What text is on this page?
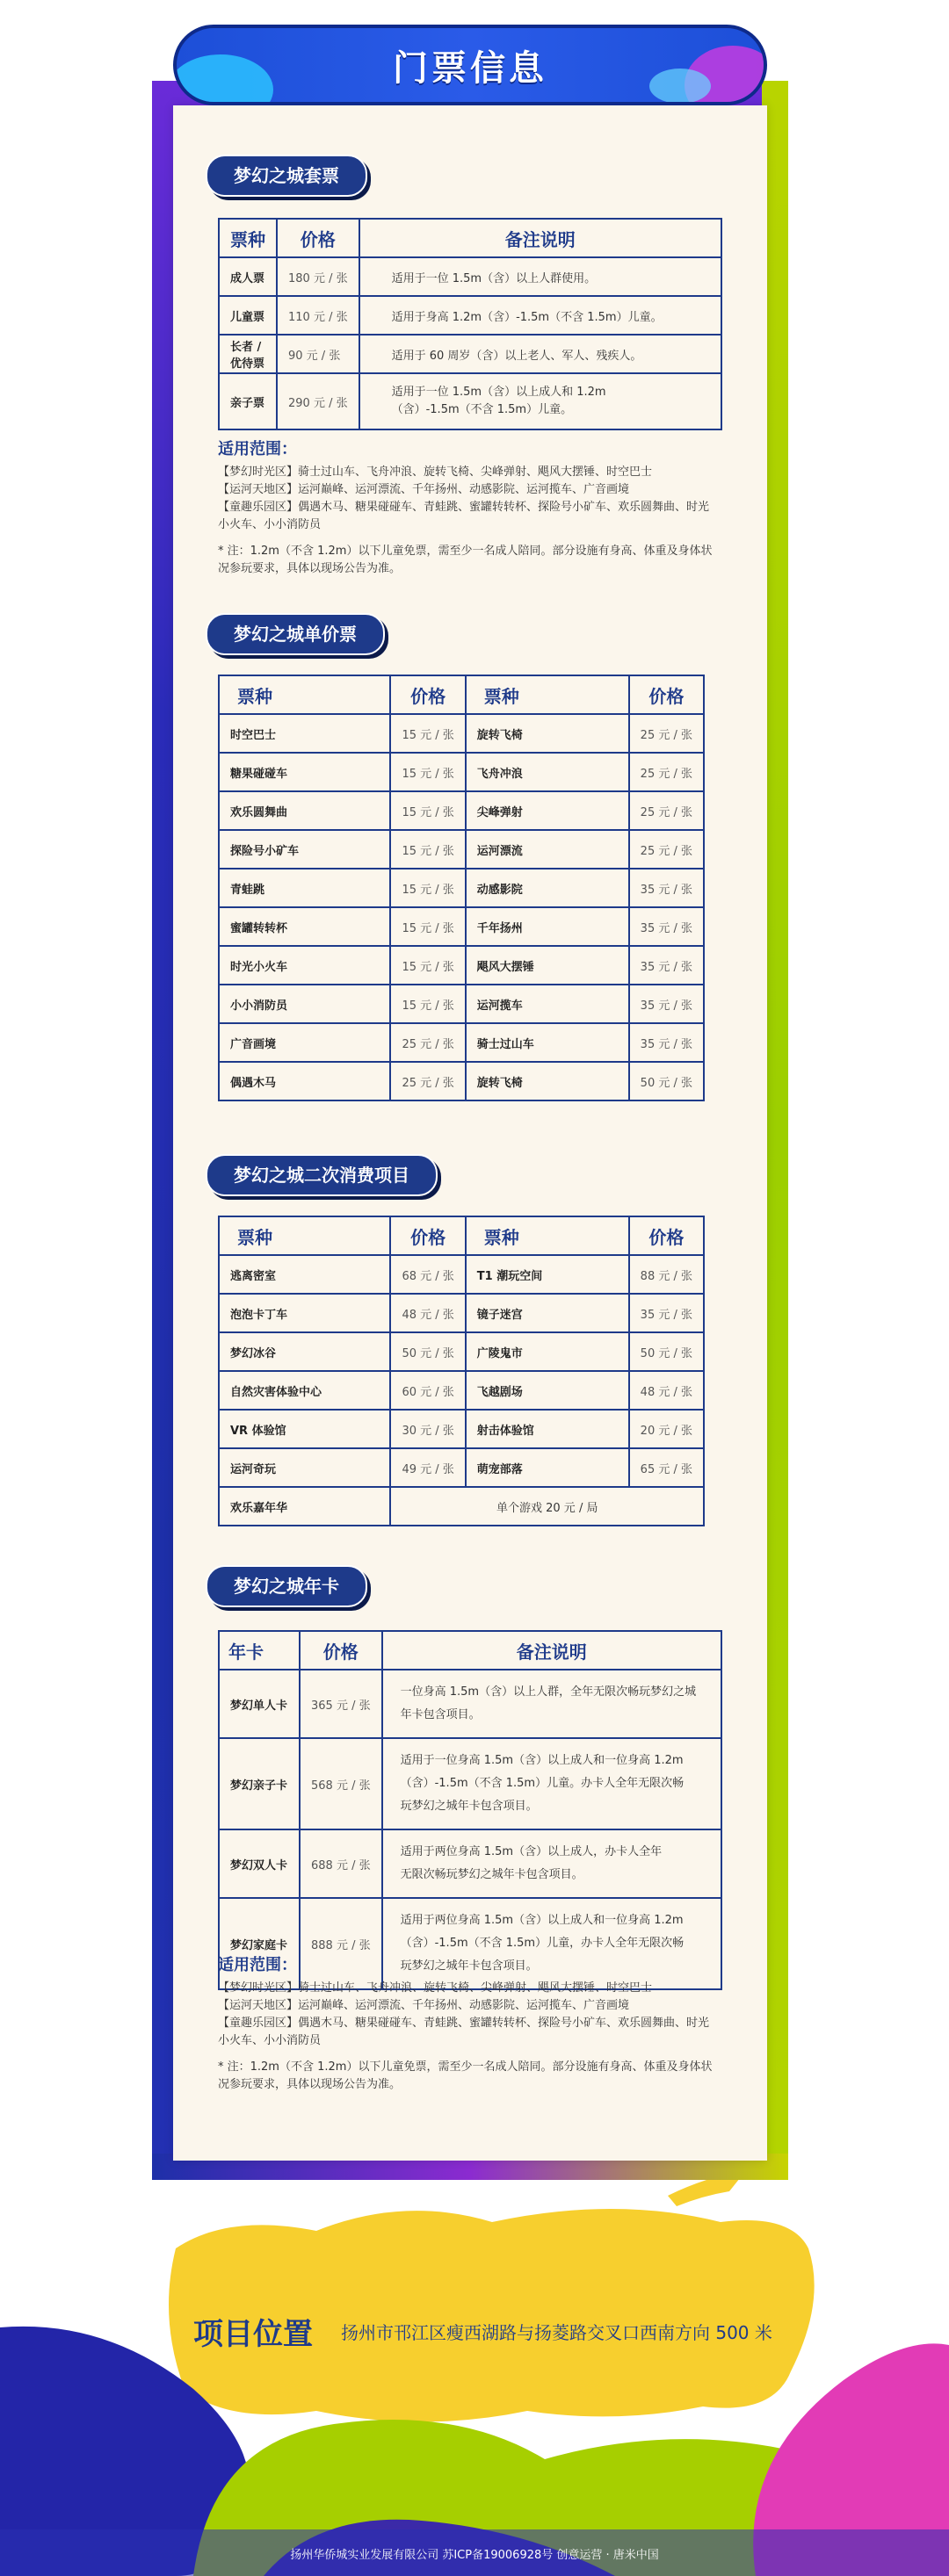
门票信息
梦幻之城套票
票种	价格	备注说明
成人票	180 元 / 张	适用于一位 1.5m（含）以上人群使用。
儿童票	110 元 / 张	适用于身高 1.2m（含）-1.5m（不含 1.5m）儿童。
长者 / 优待票	90 元 / 张	适用于 60 周岁（含）以上老人、军人、残疾人。
亲子票	290 元 / 张	适用于一位 1.5m（含）以上成人和 1.2m（含）-1.5m（不含 1.5m）儿童。
适用范围：

【梦幻时光区】骑士过山车、飞舟冲浪、旋转飞椅、尖峰弹射、飓风大摆锤、时空巴士

【运河天地区】运河巅峰、运河漂流、千年扬州、动感影院、运河揽车、广音画境

【童趣乐园区】偶遇木马、糖果碰碰车、青蛙跳、蜜罐转转杯、探险号小矿车、欢乐圆舞曲、时光小火车、小小消防员

* 注：1.2m（不含 1.2m）以下儿童免票，需至少一名成人陪同。部分设施有身高、体重及身体状况参玩要求，具体以现场公告为准。

梦幻之城单价票
票种	价格	票种	价格
时空巴士	15 元 / 张	旋转飞椅	25 元 / 张
糖果碰碰车	15 元 / 张	飞舟冲浪	25 元 / 张
欢乐圆舞曲	15 元 / 张	尖峰弹射	25 元 / 张
探险号小矿车	15 元 / 张	运河漂流	25 元 / 张
青蛙跳	15 元 / 张	动感影院	35 元 / 张
蜜罐转转杯	15 元 / 张	千年扬州	35 元 / 张
时光小火车	15 元 / 张	飓风大摆锤	35 元 / 张
小小消防员	15 元 / 张	运河揽车	35 元 / 张
广音画境	25 元 / 张	骑士过山车	35 元 / 张
偶遇木马	25 元 / 张	旋转飞椅	50 元 / 张
梦幻之城二次消费项目
票种	价格	票种	价格
逃离密室	68 元 / 张	T1 潮玩空间	88 元 / 张
泡泡卡丁车	48 元 / 张	镜子迷宫	35 元 / 张
梦幻冰谷	50 元 / 张	广陵鬼市	50 元 / 张
自然灾害体验中心	60 元 / 张	飞越剧场	48 元 / 张
VR 体验馆	30 元 / 张	射击体验馆	20 元 / 张
运河奇玩	49 元 / 张	萌宠部落	65 元 / 张
欢乐嘉年华	单个游戏 20 元 / 局		
梦幻之城年卡
年卡	价格	备注说明
梦幻单人卡	365 元 / 张	一位身高 1.5m（含）以上人群，全年无限次畅玩梦幻之城年卡包含项目。
梦幻亲子卡	568 元 / 张	适用于一位身高 1.5m（含）以上成人和一位身高 1.2m（含）-1.5m（不含 1.5m）儿童。办卡人全年无限次畅玩梦幻之城年卡包含项目。
梦幻双人卡	688 元 / 张	适用于两位身高 1.5m（含）以上成人，办卡人全年无限次畅玩梦幻之城年卡包含项目。
梦幻家庭卡	888 元 / 张	适用于两位身高 1.5m（含）以上成人和一位身高 1.2m（含）-1.5m（不含 1.5m）儿童，办卡人全年无限次畅玩梦幻之城年卡包含项目。
适用范围：

【梦幻时光区】骑士过山车、飞舟冲浪、旋转飞椅、尖峰弹射、飓风大摆锤、时空巴士

【运河天地区】运河巅峰、运河漂流、千年扬州、动感影院、运河揽车、广音画境

【童趣乐园区】偶遇木马、糖果碰碰车、青蛙跳、蜜罐转转杯、探险号小矿车、欢乐圆舞曲、时光小火车、小小消防员

* 注：1.2m（不含 1.2m）以下儿童免票，需至少一名成人陪同。部分设施有身高、体重及身体状况参玩要求，具体以现场公告为准。

项目位置 扬州市邗江区瘦西湖路与扬菱路交叉口西南方向 500 米
扬州华侨城实业发展有限公司 苏ICP备19006928号 创意运营 · 唐米中国
